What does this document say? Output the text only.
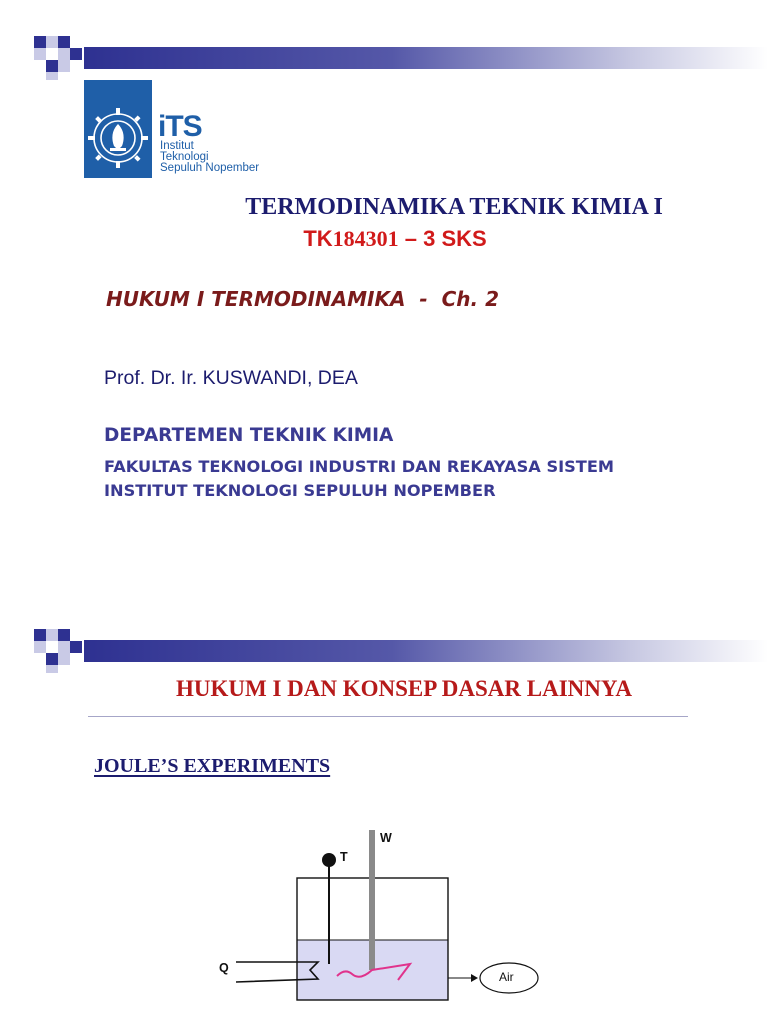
iTS
Institut
Teknologi
Sepuluh Nopember
TERMODINAMIKA TEKNIK KIMIA I
TK184301 – 3 SKS
HUKUM I TERMODINAMIKA  -  Ch. 2
Prof. Dr. Ir. KUSWANDI, DEA
DEPARTEMEN TEKNIK KIMIA
FAKULTAS TEKNOLOGI INDUSTRI DAN REKAYASA SISTEM
INSTITUT TEKNOLOGI SEPULUH NOPEMBER
HUKUM I DAN KONSEP DASAR LAINNYA
JOULE’S EXPERIMENTS
W
T
Q
Air
